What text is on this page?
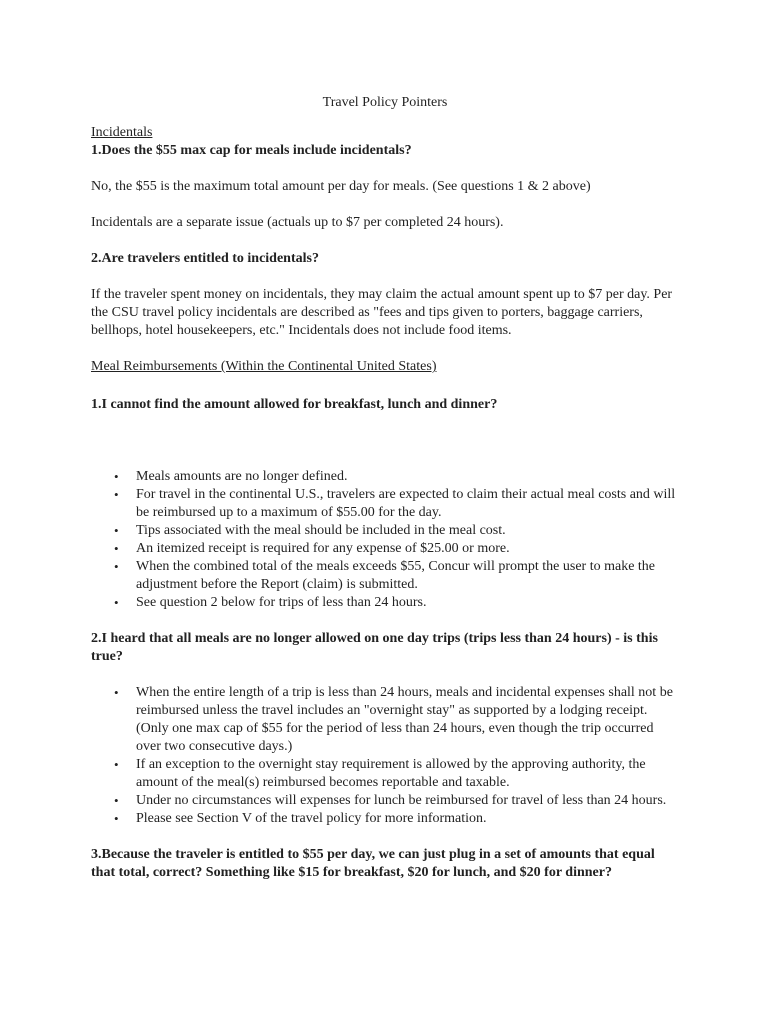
Travel Policy Pointers

Incidentals

1.Does the $55 max cap for meals include incidentals?

No, the $55 is the maximum total amount per day for meals. (See questions 1 & 2 above)

Incidentals are a separate issue (actuals up to $7 per completed 24 hours).

2.Are travelers entitled to incidentals?

If the traveler spent money on incidentals, they may claim the actual amount spent up to $7 per day. Per the CSU travel policy incidentals are described as "fees and tips given to porters, baggage carriers, bellhops, hotel housekeepers, etc." Incidentals does not include food items.

Meal Reimbursements (Within the Continental United States)

1.I cannot find the amount allowed for breakfast, lunch and dinner?

• Meals amounts are no longer defined.
• For travel in the continental U.S., travelers are expected to claim their actual meal costs and will be reimbursed up to a maximum of $55.00 for the day.
• Tips associated with the meal should be included in the meal cost.
• An itemized receipt is required for any expense of $25.00 or more.
• When the combined total of the meals exceeds $55, Concur will prompt the user to make the adjustment before the Report (claim) is submitted.
• See question 2 below for trips of less than 24 hours.

2.I heard that all meals are no longer allowed on one day trips (trips less than 24 hours) - is this true?

• When the entire length of a trip is less than 24 hours, meals and incidental expenses shall not be reimbursed unless the travel includes an "overnight stay" as supported by a lodging receipt. (Only one max cap of $55 for the period of less than 24 hours, even though the trip occurred over two consecutive days.)
• If an exception to the overnight stay requirement is allowed by the approving authority, the amount of the meal(s) reimbursed becomes reportable and taxable.
• Under no circumstances will expenses for lunch be reimbursed for travel of less than 24 hours.
• Please see Section V of the travel policy for more information.

3.Because the traveler is entitled to $55 per day, we can just plug in a set of amounts that equal that total, correct? Something like $15 for breakfast, $20 for lunch, and $20 for dinner?
